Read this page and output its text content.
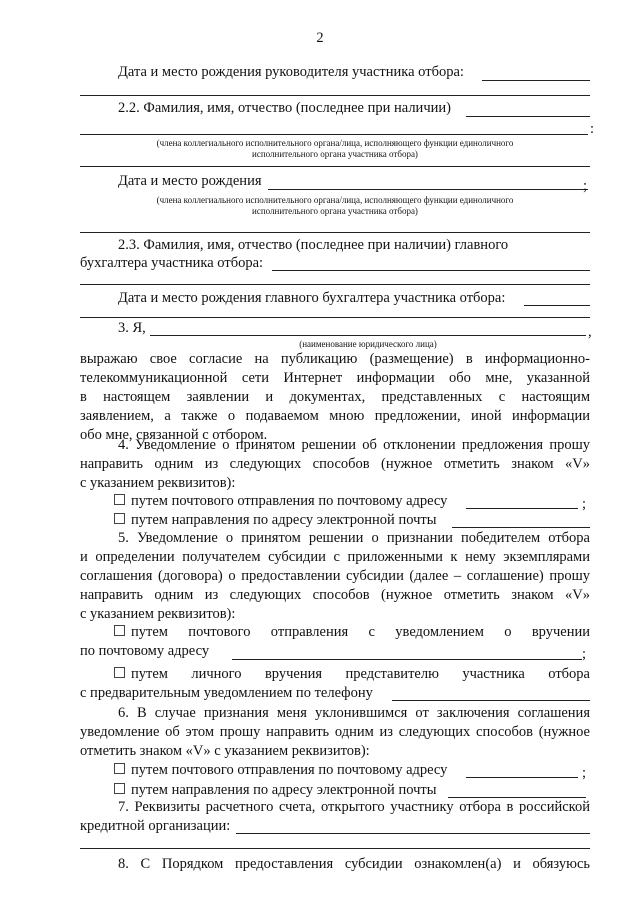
2
Дата и место рождения руководителя участника отбора:
2.2. Фамилия, имя, отчество (последнее при наличии)
:
(члена коллегиального исполнительного органа/лица, исполняющего функции единоличного
исполнительного органа участника отбора)
Дата и место рождения	;
(члена коллегиального исполнительного органа/лица, исполняющего функции единоличного
исполнительного органа участника отбора)
2.3. Фамилия, имя, отчество (последнее при наличии) главного
бухгалтера участника отбора:
Дата и место рождения главного бухгалтера участника отбора:
3. Я,	,
(наименование юридического лица)
выражаю свое согласие на публикацию (размещение) в информационно-
телекоммуникационной сети Интернет информации обо мне, указанной
в настоящем заявлении и документах, представленных с настоящим
заявлением, а также о подаваемом мною предложении, иной информации
обо мне, связанной с отбором.
4. Уведомление о принятом решении об отклонении предложения прошу
направить одним из следующих способов (нужное отметить знаком «V»
с указанием реквизитов):
путем почтового отправления по почтовому адресу	;
путем направления по адресу электронной почты
5. Уведомление о принятом решении о признании победителем отбора
и определении получателем субсидии с приложенными к нему экземплярами
соглашения (договора) о предоставлении субсидии (далее – соглашение) прошу
направить одним из следующих способов (нужное отметить знаком «V»
с указанием реквизитов):
путем почтового отправления с уведомлением о вручении
по почтовому адресу	;
путем личного вручения представителю участника отбора
с предварительным уведомлением по телефону
6. В случае признания меня уклонившимся от заключения соглашения
уведомление об этом прошу направить одним из следующих способов (нужное
отметить знаком «V» с указанием реквизитов):
путем почтового отправления по почтовому адресу	;
путем направления по адресу электронной почты
7. Реквизиты расчетного счета, открытого участнику отбора в российской
кредитной организации:
8. С Порядком предоставления субсидии ознакомлен(а) и обязуюсь
